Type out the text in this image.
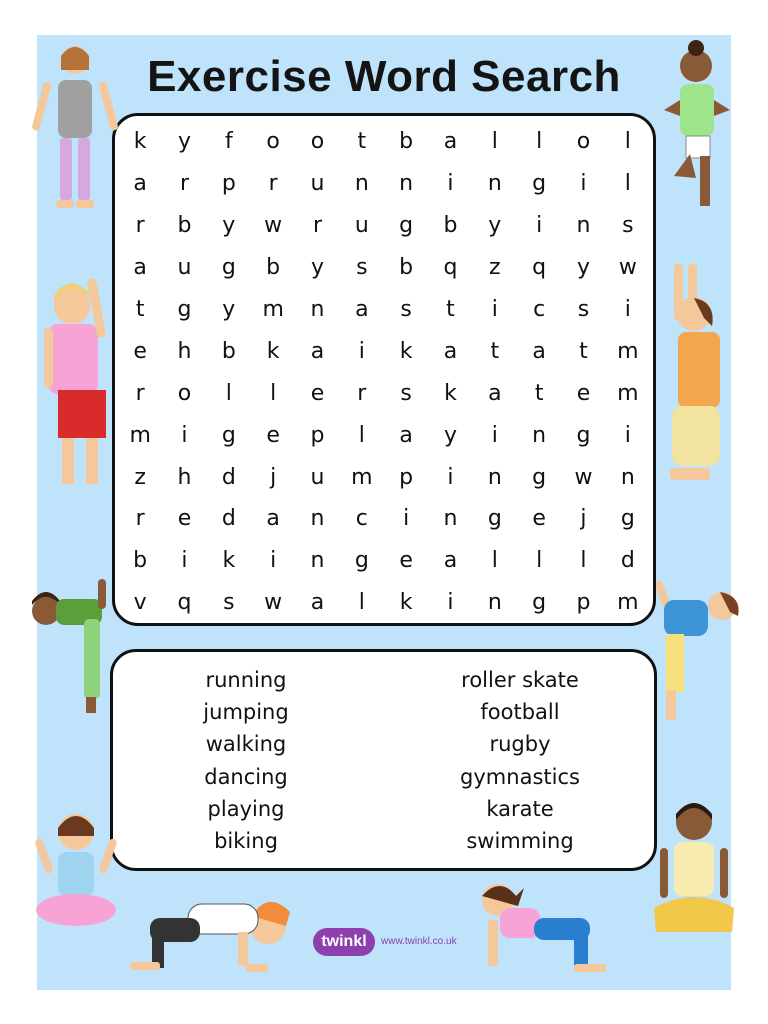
Exercise Word Search
k	y	f	o	o	t	b	a	l	l	o	l
a	r	p	r	u	n	n	i	n	g	i	l
r	b	y	w	r	u	g	b	y	i	n	s
a	u	g	b	y	s	b	q	z	q	y	w
t	g	y	m	n	a	s	t	i	c	s	i
e	h	b	k	a	i	k	a	t	a	t	m
r	o	l	l	e	r	s	k	a	t	e	m
m	i	g	e	p	l	a	y	i	n	g	i
z	h	d	j	u	m	p	i	n	g	w	n
r	e	d	a	n	c	i	n	g	e	j	g
b	i	k	i	n	g	e	a	l	l	l	d
v	q	s	w	a	l	k	i	n	g	p	m
running
jumping
walking
dancing
playing
biking
roller skate
football
rugby
gymnastics
karate
swimming
twinkl	www.twinkl.co.uk
